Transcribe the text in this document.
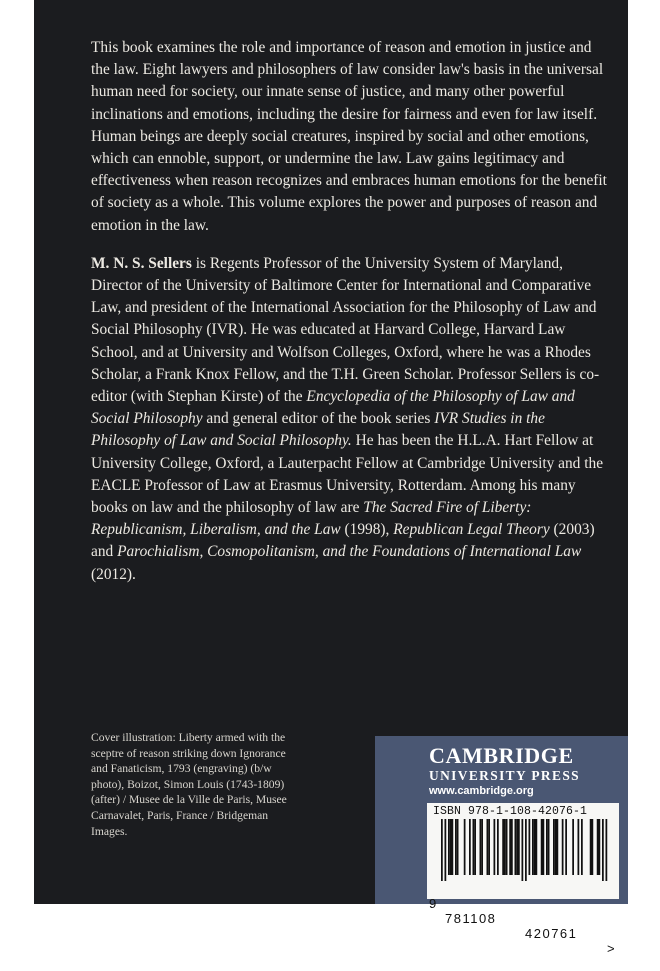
This book examines the role and importance of reason and emotion in justice and the law. Eight lawyers and philosophers of law consider law's basis in the universal human need for society, our innate sense of justice, and many other powerful inclinations and emotions, including the desire for fairness and even for law itself. Human beings are deeply social creatures, inspired by social and other emotions, which can ennoble, support, or undermine the law. Law gains legitimacy and effectiveness when reason recognizes and embraces human emotions for the benefit of society as a whole. This volume explores the power and purposes of reason and emotion in the law.

M. N. S. Sellers is Regents Professor of the University System of Maryland, Director of the University of Baltimore Center for International and Comparative Law, and president of the International Association for the Philosophy of Law and Social Philosophy (IVR). He was educated at Harvard College, Harvard Law School, and at University and Wolfson Colleges, Oxford, where he was a Rhodes Scholar, a Frank Knox Fellow, and the T.H. Green Scholar. Professor Sellers is co-editor (with Stephan Kirste) of the Encyclopedia of the Philosophy of Law and Social Philosophy and general editor of the book series IVR Studies in the Philosophy of Law and Social Philosophy. He has been the H.L.A. Hart Fellow at University College, Oxford, a Lauterpacht Fellow at Cambridge University and the EACLE Professor of Law at Erasmus University, Rotterdam. Among his many books on law and the philosophy of law are The Sacred Fire of Liberty: Republicanism, Liberalism, and the Law (1998), Republican Legal Theory (2003) and Parochialism, Cosmopolitanism, and the Foundations of International Law (2012).

Cover illustration: Liberty armed with the sceptre of reason striking down Ignorance and Fanaticism, 1793 (engraving) (b/w photo), Boizot, Simon Louis (1743-1809) (after) / Musee de la Ville de Paris, Musee Carnavalet, Paris, France / Bridgeman Images.
CAMBRIDGE
UNIVERSITY PRESS
www.cambridge.org
ISBN 978-1-108-42076-1

9

781108

420761

>
